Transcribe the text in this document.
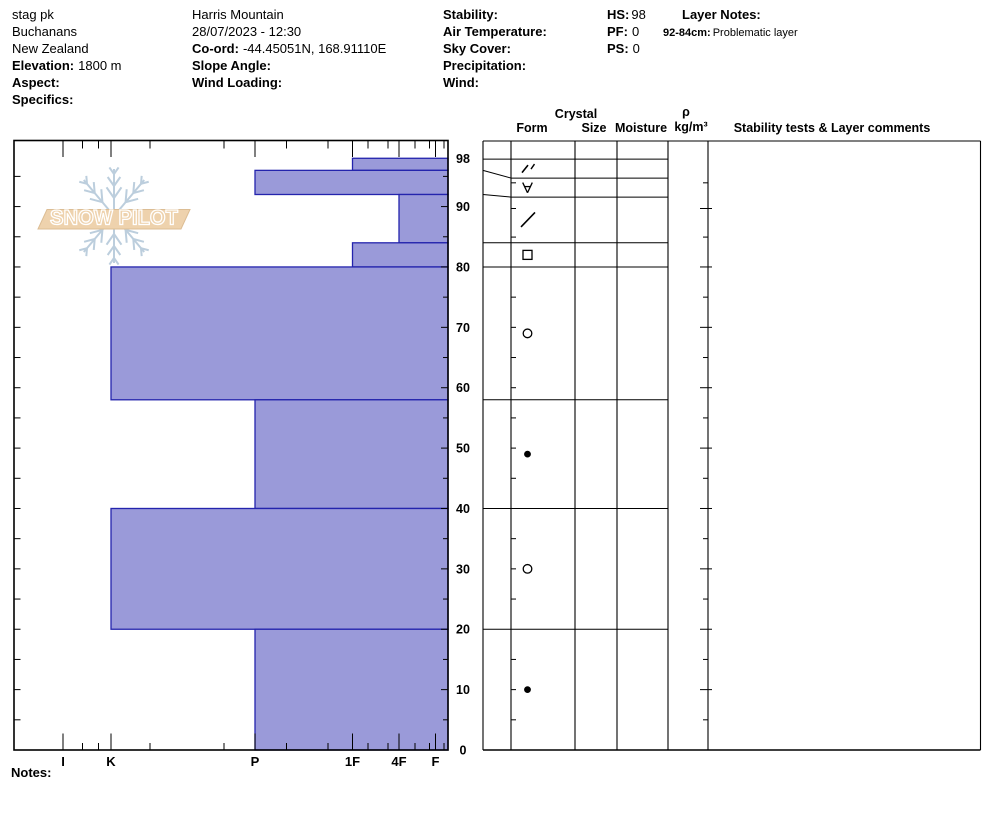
stag pk
Buchanans
New Zealand
Elevation: 1800 m
Aspect:
Specifics:
Harris Mountain
28/07/2023 - 12:30
Co-ord: -44.45051N, 168.91110E
Slope Angle:
Wind Loading:
Stability:
Air Temperature:
Sky Cover:
Precipitation:
Wind:
HS: 98
PF: 0
PS: 0
Layer Notes:
92-84cm: Problematic layer
Crystal
Form	Size Moisture
ρ
kg/m³ Stability tests & Layer comments
Notes:
SNOW PILOT
I	K	P	1F 4F F
98
90
80
70
60
50
40
30
20
10
0
